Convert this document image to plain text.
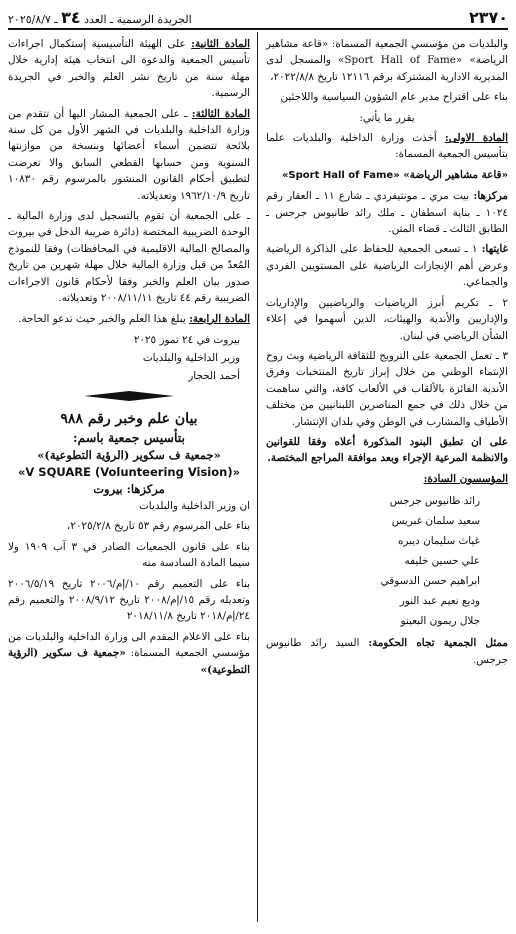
٢٣٧٠
الجريدة الرسمية ـ العدد ٣٤ ـ ٢٠٢٥/٨/٧

والبلديات من مؤسسي الجمعية المسماة: «قاعة مشاهير الرياضة» «Sport Hall of Fame» والمسجل لدى المديرية الادارية المشتركة برقم ١٢١١٦ تاريخ ٢٠٢٢/٨/٨،

بناء على اقتراح مدير عام الشؤون السياسية واللاجئين

يقرر ما يأتي:

المادة الاولى: أخذت وزارة الداخلية والبلديات علما بتأسيس الجمعية المسماة:

«قاعة مشاهير الرياضة» «Sport Hall of Fame»

مركزها: بيت مري ـ مونتيفردي ـ شارع ١١ ـ العقار رقم ١٠٢٤ ـ بناية اسطفان ـ ملك رائد طانيوس جرجس ـ الطابق الثالث ـ قضاء المتن.

غايتها: ١ ـ تسعى الجمعية للحفاظ على الذاكرة الرياضية وعرض أهم الإنجازات الرياضية على المستويين الفردي والجماعي.

٢ ـ تكريم أبرز الرياضيات والرياضيين والإداريات والإداريين والأندية والهيئات، الذين أسهموا في إعلاء الشأن الرياضي في لبنان.

٣ ـ تعمل الجمعية على الترويج للثقافة الرياضية وبث روح الإنتماء الوطني من خلال إبراز تاريخ المنتخبات وفرق الأندية الفائزة بالألقاب في الألعاب كافة، والتي ساهمت من خلال ذلك في جمع المناصرين اللبنانيين من مختلف الأطياف والمشارب في الوطن وفي بلدان الإنتشار.

على ان تطبق البنود المذكورة أعلاه وفقا للقوانين والانظمة المرعية الإجراء وبعد موافقة المراجع المختصة.

المؤسسون السادة:

رائد طانيوس جرجس
سعيد سلمان غبريس
غياث سليمان ديبره
علي حسين خليفه
ابراهيم حسن الدسوقي
وديع نعيم عبد النور
جلال ريمون البعينو

ممثل الجمعية تجاه الحكومة: السيد رائد طانيوس جرجس.

المادة الثانية: على الهيئة التأسيسية إستكمال اجراءات تأسيس الجمعية والدعوة الى انتخاب هيئة إدارية خلال مهلة سنة من تاريخ نشر العلم والخبر في الجريدة الرسمية.

المادة الثالثة: ـ على الجمعية المشار اليها أن تتقدم من وزارة الداخلية والبلديات في الشهر الأول من كل سنة بلائحة تتضمن أسماء أعضائها وبنسخة من موازنتها السنوية ومن حسابها القطعي السابق والا تعرضت لتطبيق أحكام القانون المنشور بالمرسوم رقم ١٠٨٣٠ تاريخ ١٩٦٢/١٠/٩ وتعديلاته.

ـ على الجمعية أن تقوم بالتسجيل لدى وزارة المالية ـ الوحدة الضريبية المختصة (دائرة ضريبة الدخل في بيروت والمصالح المالية الاقليمية في المحافظات) وفقا للنموذج المُعدّ من قبل وزارة المالية خلال مهلة شهرين من تاريخ صدور بيان العلم والخبر وفقا لأحكام قانون الاجراءات الضريبية رقم ٤٤ تاريخ ٢٠٠٨/١١/١١ وتعديلاته.

المادة الرابعة: يبلغ هذا العلم والخبر حيث تدعو الحاجة.

بيروت في ٢٤ تموز ٢٠٢٥
وزير الداخلية والبلديات
أحمد الحجار
بيان علم وخبر رقم ٩٨٨
بتأسيس جمعية باسم:
«جمعية ف سكوير (الرؤية التطوعية)»
«V SQUARE (Volunteering Vision)»
مركزها: بيروت

ان وزير الداخلية والبلديات

بناء على المرسوم رقم ٥٣ تاريخ ٢٠٢٥/٢/٨،

بناء على قانون الجمعيات الصادر في ٣ آب ١٩٠٩ ولا سيما المادة السادسة منه

بناء على التعميم رقم ١٠/إم/٢٠٠٦ تاريخ ٢٠٠٦/٥/١٩ وتعديله رقم ١٥/إم/٢٠٠٨ تاريخ ٢٠٠٨/٩/١٢ والتعميم رقم ٢٤/إم/٢٠١٨ تاريخ ٢٠١٨/١١/٨

بناء على الاعلام المقدم الى وزارة الداخلية والبلديات من مؤسسي الجمعية المسماة: «جمعية ف سكوير (الرؤية التطوعية)»
